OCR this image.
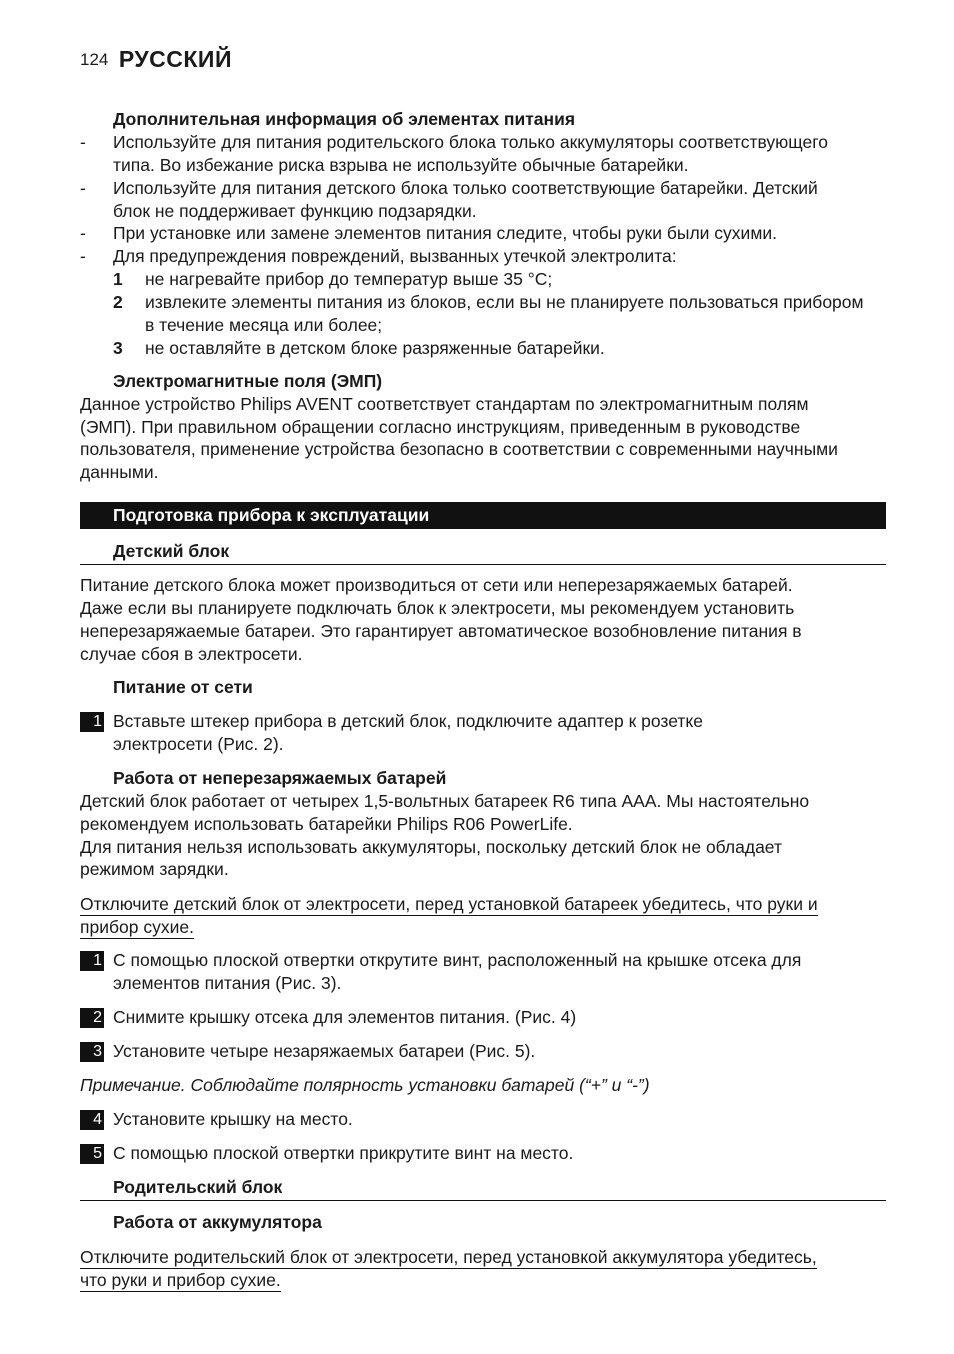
124 РУССКИЙ
Дополнительная информация об элементах питания
-	Используйте для питания родительского блока только аккумуляторы соответствующего
типа. Во избежание риска взрыва не используйте обычные батарейки.
-	Используйте для питания детского блока только соответствующие батарейки. Детский
блок не поддерживает функцию подзарядки.
-	При установке или замене элементов питания следите, чтобы руки были сухими.
-	Для предупреждения повреждений, вызванных утечкой электролита:
1 не нагревайте прибор до температур выше 35 °C;
2 извлеките элементы питания из блоков, если вы не планируете пользоваться прибором
в течение месяца или более;
3 не оставляйте в детском блоке разряженные батарейки.
Электромагнитные поля (ЭМП)
Данное устройство Philips AVENT соответствует стандартам по электромагнитным полям
(ЭМП). При правильном обращении согласно инструкциям, приведенным в руководстве
пользователя, применение устройства безопасно в соответствии с современными научными
данными.
Подготовка прибора к эксплуатации
Детский блок
Питание детского блока может производиться от сети или неперезаряжаемых батарей.
Даже если вы планируете подключать блок к электросети, мы рекомендуем установить
неперезаряжаемые батареи. Это гарантирует автоматическое возобновление питания в
случае сбоя в электросети.
Питание от сети
1 Вставьте штекер прибора в детский блок, подключите адаптер к розетке
электросети (Рис. 2).
Работа от неперезаряжаемых батарей
Детский блок работает от четырех 1,5-вольтных батареек R6 типа AAA. Мы настоятельно
рекомендуем использовать батарейки Philips R06 PowerLife.
Для питания нельзя использовать аккумуляторы, поскольку детский блок не обладает
режимом зарядки.
Отключите детский блок от электросети, перед установкой батареек убедитесь, что руки и
прибор сухие.
1 С помощью плоской отвертки открутите винт, расположенный на крышке отсека для
элементов питания (Рис. 3).
2 Снимите крышку отсека для элементов питания. (Рис. 4)
3 Установите четыре незаряжаемых батареи (Рис. 5).
Примечание. Соблюдайте полярность установки батарей (“+” и “-”)
4 Установите крышку на место.
5 С помощью плоской отвертки прикрутите винт на место.
Родительский блок
Работа от аккумулятора
Отключите родительский блок от электросети, перед установкой аккумулятора убедитесь,
что руки и прибор сухие.
